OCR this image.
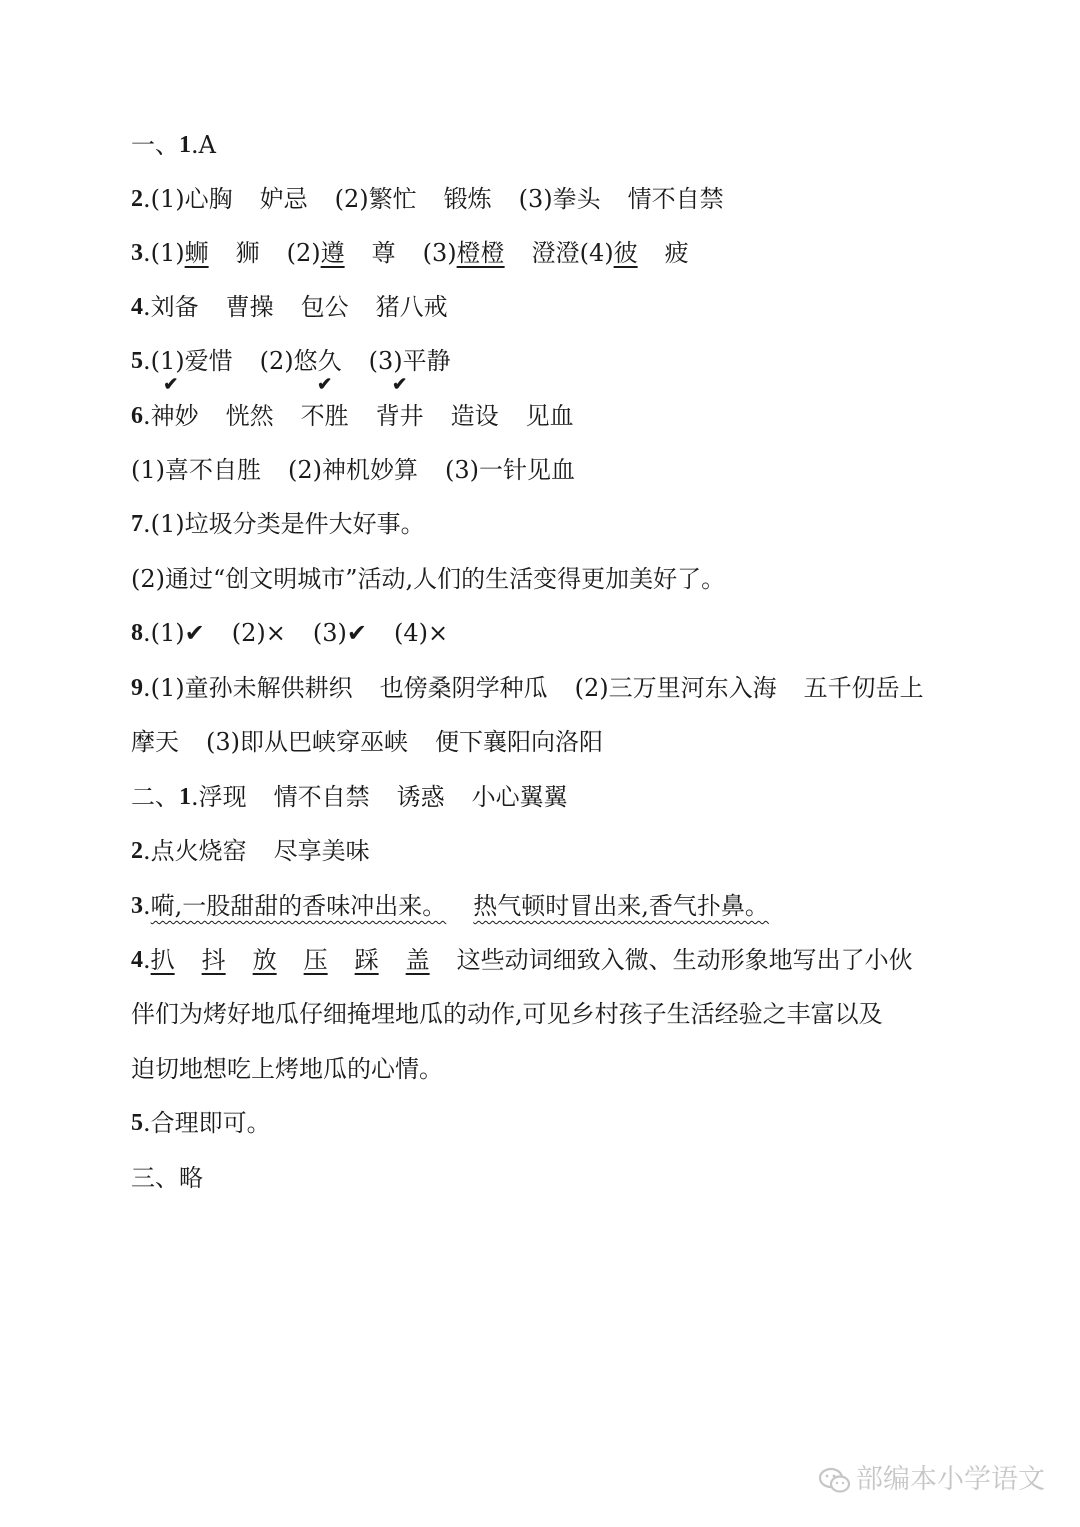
一、1.A
2.(1)心胸 妒忌 (2)繁忙 锻炼 (3)拳头 情不自禁
3.(1)蛳 狮 (2)遵 尊 (3)橙橙 澄澄(4)彼 疲
4.刘备 曹操 包公 猪八戒
5.(1)爱惜 (2)悠久 (3)平静
6.神妙
✔
恍然 不胜
✔
背井
✔
造设 见血
(1)喜不自胜 (2)神机妙算 (3)一针见血
7.(1)垃圾分类是件大好事。
(2)通过“创文明城市”活动,人们的生活变得更加美好了。
8.(1)✔ (2)× (3)✔ (4)×
9.(1)童孙未解供耕织 也傍桑阴学种瓜 (2)三万里河东入海 五千仞岳上
摩天 (3)即从巴峡穿巫峡 便下襄阳向洛阳
二、1.浮现 情不自禁 诱惑 小心翼翼
2.点火烧窑 尽享美味
3.嗬,一股甜甜的香味冲出来。 热气顿时冒出来,香气扑鼻。
4.扒 抖 放 压 踩 盖 这些动词细致入微、生动形象地写出了小伙
伴们为烤好地瓜仔细掩埋地瓜的动作,可见乡村孩子生活经验之丰富以及
迫切地想吃上烤地瓜的心情。
5.合理即可。
三、略
部编本小学语文
